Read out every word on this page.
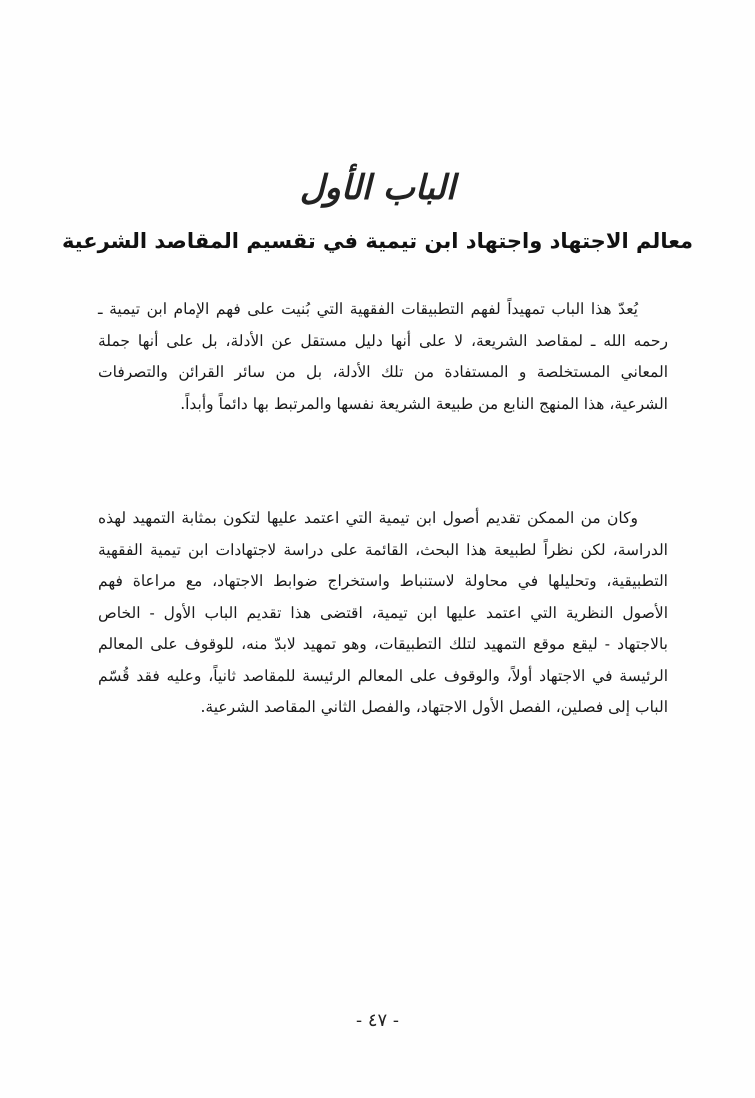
الباب الأول
معالم الاجتهاد واجتهاد ابن تيمية في تقسيم المقاصد الشرعية

يُعدّ هذا الباب تمهيداً لفهم التطبيقات الفقهية التي بُنيت على فهم الإمام ابن تيمية ـ رحمه الله ـ لمقاصد الشريعة، لا على أنها دليل مستقل عن الأدلة، بل على أنها جملة المعاني المستخلصة و المستفادة من تلك الأدلة، بل من سائر القرائن والتصرفات الشرعية، هذا المنهج النابع من طبيعة الشريعة نفسها والمرتبط بها دائماً وأبداً.

وكان من الممكن تقديم أصول ابن تيمية التي اعتمد عليها لتكون بمثابة التمهيد لهذه الدراسة، لكن نظراً لطبيعة هذا البحث، القائمة على دراسة لاجتهادات ابن تيمية الفقهية التطبيقية، وتحليلها في محاولة لاستنباط واستخراج ضوابط الاجتهاد، مع مراعاة فهم الأصول النظرية التي اعتمد عليها ابن تيمية، اقتضى هذا تقديم الباب الأول - الخاص بالاجتهاد - ليقع موقع التمهيد لتلك التطبيقات، وهو تمهيد لابدّ منه، للوقوف على المعالم الرئيسة في الاجتهاد أولاً، والوقوف على المعالم الرئيسة للمقاصد ثانياً، وعليه فقد قُسّم الباب إلى فصلين، الفصل الأول الاجتهاد، والفصل الثاني المقاصد الشرعية.

- ٤٧ -
